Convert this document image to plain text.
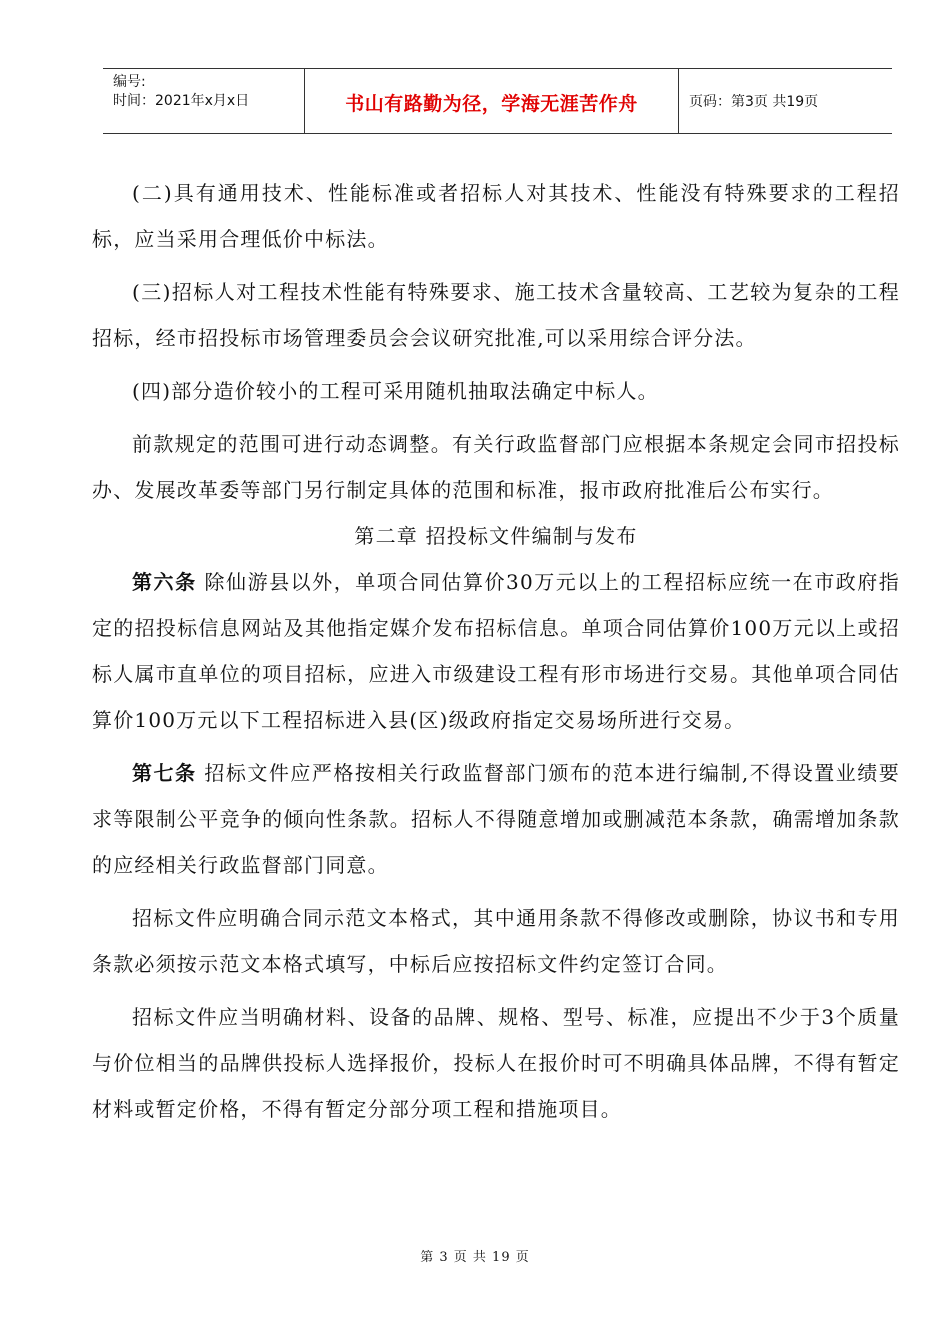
编号:
时间：2021年x月x日	书山有路勤为径，学海无涯苦作舟	页码：第3页 共19页

(二)具有通用技术、性能标准或者招标人对其技术、性能没有特殊要求的工程招标，应当采用合理低价中标法。

(三)招标人对工程技术性能有特殊要求、施工技术含量较高、工艺较为复杂的工程招标，经市招投标市场管理委员会会议研究批准,可以采用综合评分法。

(四)部分造价较小的工程可采用随机抽取法确定中标人。

前款规定的范围可进行动态调整。有关行政监督部门应根据本条规定会同市招投标办、发展改革委等部门另行制定具体的范围和标准，报市政府批准后公布实行。

第二章 招投标文件编制与发布

第六条 除仙游县以外，单项合同估算价30万元以上的工程招标应统一在市政府指定的招投标信息网站及其他指定媒介发布招标信息。单项合同估算价100万元以上或招标人属市直单位的项目招标，应进入市级建设工程有形市场进行交易。其他单项合同估算价100万元以下工程招标进入县(区)级政府指定交易场所进行交易。

第七条 招标文件应严格按相关行政监督部门颁布的范本进行编制,不得设置业绩要求等限制公平竞争的倾向性条款。招标人不得随意增加或删减范本条款，确需增加条款的应经相关行政监督部门同意。

招标文件应明确合同示范文本格式，其中通用条款不得修改或删除，协议书和专用条款必须按示范文本格式填写，中标后应按招标文件约定签订合同。

招标文件应当明确材料、设备的品牌、规格、型号、标准，应提出不少于3个质量与价位相当的品牌供投标人选择报价，投标人在报价时可不明确具体品牌，不得有暂定材料或暂定价格，不得有暂定分部分项工程和措施项目。

第 3 页 共 19 页
